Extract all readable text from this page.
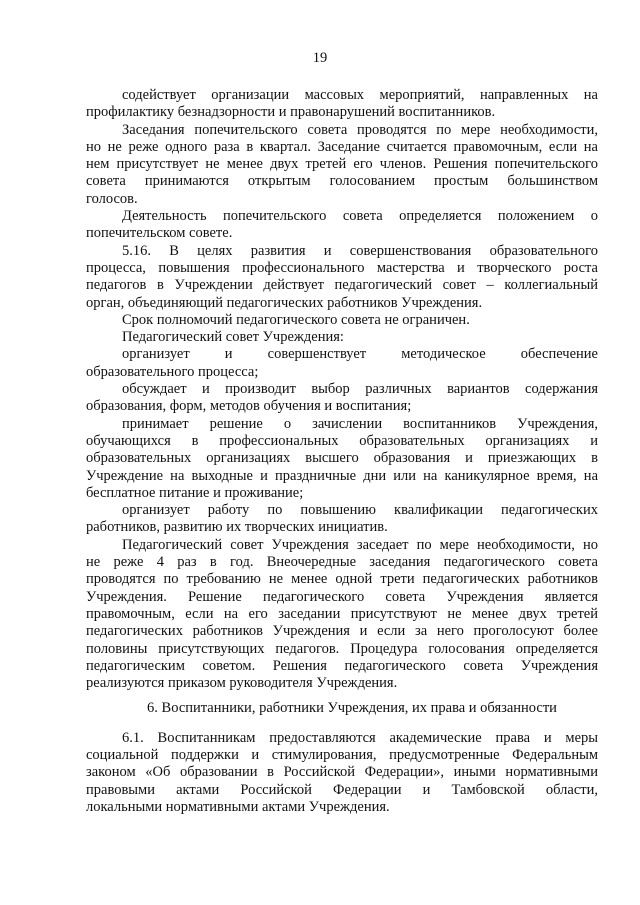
19
содействует организации массовых мероприятий, направленных на
профилактику безнадзорности и правонарушений воспитанников.
Заседания попечительского совета проводятся по мере необходимости,
но не реже одного раза в квартал. Заседание считается правомочным, если на
нем присутствует не менее двух третей его членов. Решения попечительского
совета принимаются открытым голосованием простым большинством
голосов.
Деятельность попечительского совета определяется положением о
попечительском совете.
5.16. В целях развития и совершенствования образовательного
процесса, повышения профессионального мастерства и творческого роста
педагогов в Учреждении действует педагогический совет – коллегиальный
орган, объединяющий педагогических работников Учреждения.
Срок полномочий педагогического совета не ограничен.
Педагогический совет Учреждения:
организует и совершенствует методическое обеспечение
образовательного процесса;
обсуждает и производит выбор различных вариантов содержания
образования, форм, методов обучения и воспитания;
принимает решение о зачислении воспитанников Учреждения,
обучающихся в профессиональных образовательных организациях и
образовательных организациях высшего образования и приезжающих в
Учреждение на выходные и праздничные дни или на каникулярное время, на
бесплатное питание и проживание;
организует работу по повышению квалификации педагогических
работников, развитию их творческих инициатив.
Педагогический совет Учреждения заседает по мере необходимости, но
не реже 4 раз в год. Внеочередные заседания педагогического совета
проводятся по требованию не менее одной трети педагогических работников
Учреждения. Решение педагогического совета Учреждения является
правомочным, если на его заседании присутствуют не менее двух третей
педагогических работников Учреждения и если за него проголосуют более
половины присутствующих педагогов. Процедура голосования определяется
педагогическим советом. Решения педагогического совета Учреждения
реализуются приказом руководителя Учреждения.
6. Воспитанники, работники Учреждения, их права и обязанности
6.1. Воспитанникам предоставляются академические права и меры
социальной поддержки и стимулирования, предусмотренные Федеральным
законом «Об образовании в Российской Федерации», иными нормативными
правовыми актами Российской Федерации и Тамбовской области,
локальными нормативными актами Учреждения.
